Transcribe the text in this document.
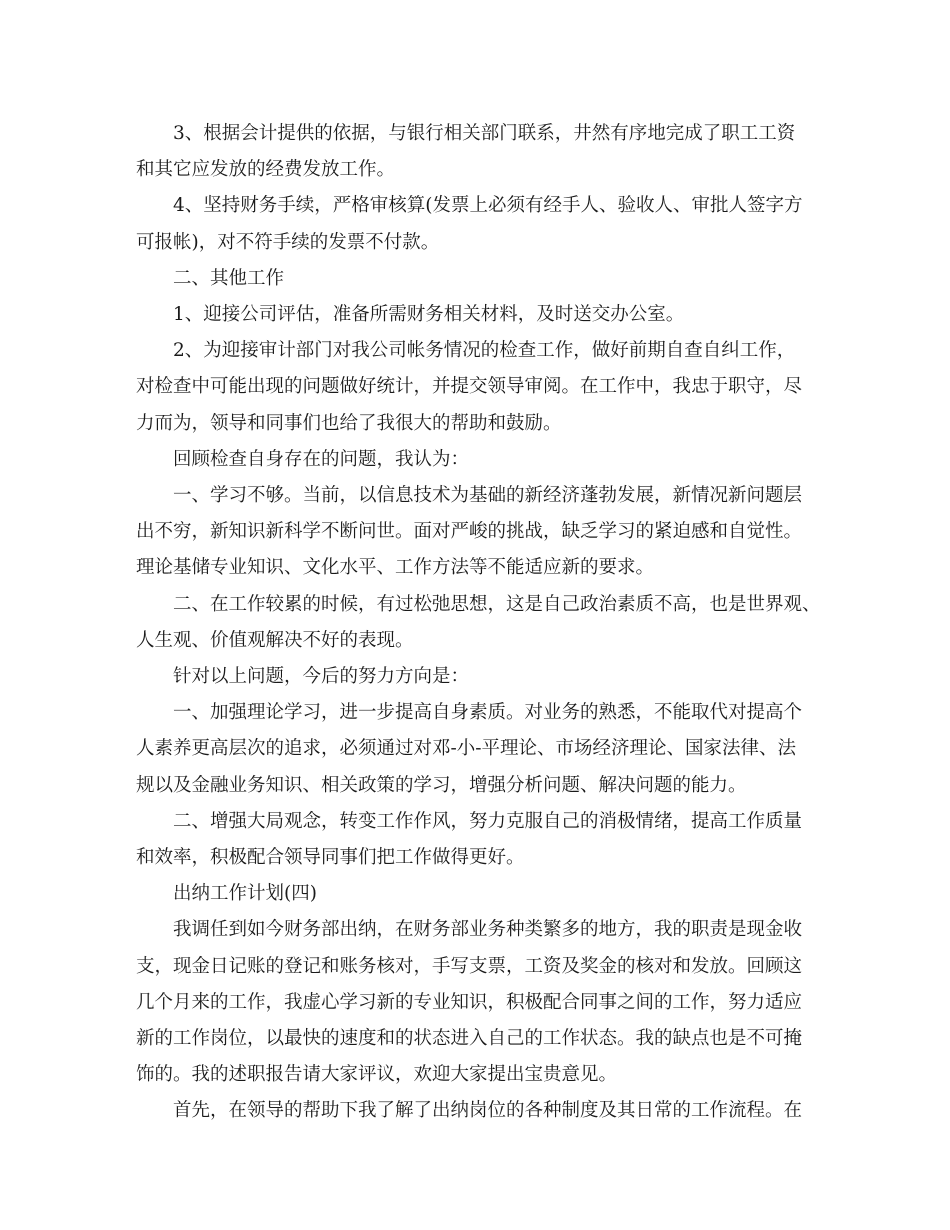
3、根据会计提供的依据，与银行相关部门联系，井然有序地完成了职工工资
和其它应发放的经费发放工作。
4、坚持财务手续，严格审核算(发票上必须有经手人、验收人、审批人签字方
可报帐)，对不符手续的发票不付款。
二、其他工作
1、迎接公司评估，准备所需财务相关材料，及时送交办公室。
2、为迎接审计部门对我公司帐务情况的检查工作，做好前期自查自纠工作，
对检查中可能出现的问题做好统计，并提交领导审阅。在工作中，我忠于职守，尽
力而为，领导和同事们也给了我很大的帮助和鼓励。
回顾检查自身存在的问题，我认为：
一、学习不够。当前，以信息技术为基础的新经济蓬勃发展，新情况新问题层
出不穷，新知识新科学不断问世。面对严峻的挑战，缺乏学习的紧迫感和自觉性。
理论基储专业知识、文化水平、工作方法等不能适应新的要求。
二、在工作较累的时候，有过松弛思想，这是自己政治素质不高，也是世界观、
人生观、价值观解决不好的表现。
针对以上问题，今后的努力方向是：
一、加强理论学习，进一步提高自身素质。对业务的熟悉，不能取代对提高个
人素养更高层次的追求，必须通过对邓-小-平理论、市场经济理论、国家法律、法
规以及金融业务知识、相关政策的学习，增强分析问题、解决问题的能力。
二、增强大局观念，转变工作作风，努力克服自己的消极情绪，提高工作质量
和效率，积极配合领导同事们把工作做得更好。
出纳工作计划(四)
我调任到如今财务部出纳，在财务部业务种类繁多的地方，我的职责是现金收
支，现金日记账的登记和账务核对，手写支票，工资及奖金的核对和发放。回顾这
几个月来的工作，我虚心学习新的专业知识，积极配合同事之间的工作，努力适应
新的工作岗位，以最快的速度和的状态进入自己的工作状态。我的缺点也是不可掩
饰的。我的述职报告请大家评议，欢迎大家提出宝贵意见。
首先，在领导的帮助下我了解了出纳岗位的各种制度及其日常的工作流程。在
